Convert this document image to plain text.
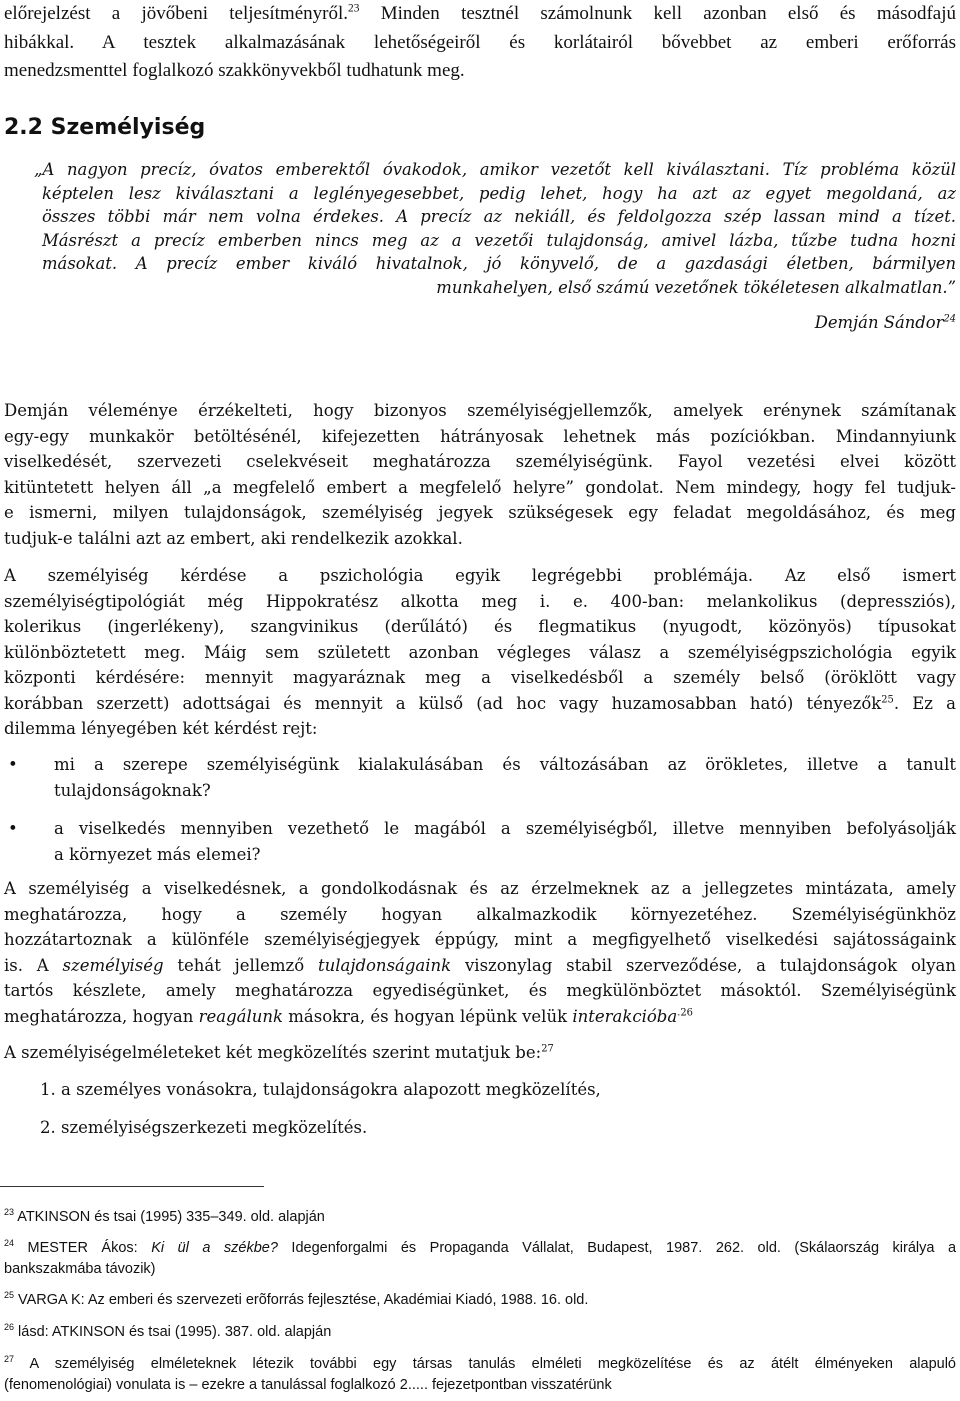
előrejelzést a jövőbeni teljesítményről.$^{23}$ Minden tesztnél számolnunk kell azonban első és másodfajú

hibákkal. A tesztek alkalmazásának lehetőségeiről és korlátairól bővebbet az emberi erőforrás

menedzsmenttel foglalkozó szakkönyvekből tudhatunk meg.

2.2 Személyiség

„A nagyon precíz, óvatos emberektől óvakodok, amikor vezetőt kell kiválasztani. Tíz probléma közül

képtelen lesz kiválasztani a leglényegesebbet, pedig lehet, hogy ha azt az egyet megoldaná, az

összes többi már nem volna érdekes. A precíz az nekiáll, és feldolgozza szép lassan mind a tízet.

Másrészt a precíz emberben nincs meg az a vezetői tulajdonság, amivel lázba, tűzbe tudna hozni

másokat. A precíz ember kiváló hivatalnok, jó könyvelő, de a gazdasági életben, bármilyen

munkahelyen, első számú vezetőnek tökéletesen alkalmatlan.”

Demján Sándor$^{24}$

Demján véleménye érzékelteti, hogy bizonyos személyiségjellemzők, amelyek erénynek számítanak

egy-egy munkakör betöltésénél, kifejezetten hátrányosak lehetnek más pozíciókban. Mindannyiunk

viselkedését, szervezeti cselekvéseit meghatározza személyiségünk. Fayol vezetési elvei között

kitüntetett helyen áll „a megfelelő embert a megfelelő helyre” gondolat. Nem mindegy, hogy fel tudjuk-

e ismerni, milyen tulajdonságok, személyiség jegyek szükségesek egy feladat megoldásához, és meg

tudjuk-e találni azt az embert, aki rendelkezik azokkal.

A személyiség kérdése a pszichológia egyik legrégebbi problémája. Az első ismert

személyiségtipológiát még Hippokratész alkotta meg i. e. 400-ban: melankolikus (depressziós),

kolerikus (ingerlékeny), szangvinikus (derűlátó) és flegmatikus (nyugodt, közönyös) típusokat

különböztetett meg. Máig sem született azonban végleges válasz a személyiségpszichológia egyik

központi kérdésére: mennyit magyaráznak meg a viselkedésből a személy belső (öröklött vagy

korábban szerzett) adottságai és mennyit a külső (ad hoc vagy huzamosabban ható) tényezők$^{25}$. Ez a

dilemma lényegében két kérdést rejt:

• mi a szerepe személyiségünk kialakulásában és változásában az örökletes, illetve a tanult

tulajdonságoknak?

• a viselkedés mennyiben vezethető le magából a személyiségből, illetve mennyiben befolyásolják

a környezet más elemei?

A személyiség a viselkedésnek, a gondolkodásnak és az érzelmeknek az a jellegzetes mintázata, amely

meghatározza, hogy a személy hogyan alkalmazkodik környezetéhez. Személyiségünkhöz

hozzátartoznak a különféle személyiségjegyek éppúgy, mint a megfigyelhető viselkedési sajátosságaink

is. A személyiség tehát jellemző tulajdonságaink viszonylag stabil szerveződése, a tulajdonságok olyan

tartós készlete, amely meghatározza egyediségünket, és megkülönböztet másoktól. Személyiségünk

meghatározza, hogyan reagálunk másokra, és hogyan lépünk velük interakcióba$^{.26}$

A személyiségelméleteket két megközelítés szerint mutatjuk be:$^{27}$

1. a személyes vonásokra, tulajdonságokra alapozott megközelítés,
2. személyiségszerkezeti megközelítés.

$^{23}$ ATKINSON és tsai (1995) 335–349. old. alapján

$^{24}$ MESTER Ákos: Ki ül a székbe? Idegenforgalmi és Propaganda Vállalat, Budapest, 1987. 262. old. (Skálaország királya a

bankszakmába távozik)

$^{25}$ VARGA K: Az emberi és szervezeti erõforrás fejlesztése, Akadémiai Kiadó, 1988. 16. old.

$^{26}$ lásd: ATKINSON és tsai (1995). 387. old. alapján

$^{27}$ A személyiség elméleteknek létezik további egy társas tanulás elméleti megközelítése és az átélt élményeken alapuló

(fenomenológiai) vonulata is – ezekre a tanulással foglalkozó 2..... fejezetpontban visszatérünk
